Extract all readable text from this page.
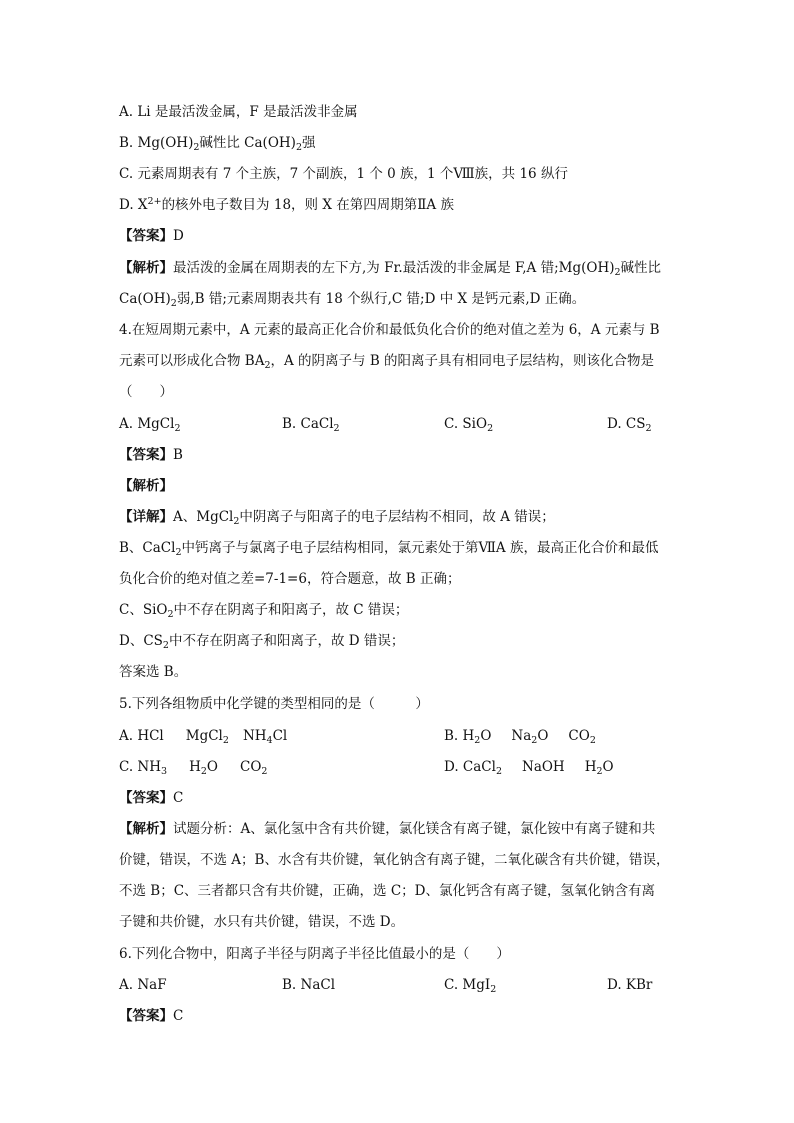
A. Li 是最活泼金属，F 是最活泼非金属
B. $Mg(OH)_2$碱性比 $Ca(OH)_2$强
C. 元素周期表有 7 个主族，7 个副族，1 个 0 族，1 个Ⅷ族，共 16 纵行
D. $X^{2+}$的核外电子数目为 18，则 X 在第四周期第ⅡA 族
【答案】D
【解析】最活泼的金属在周期表的左下方,为 Fr.最活泼的非金属是 F,A 错$;Mg(OH)_2$碱性比
$Ca(OH)_2$弱,B 错;元素周期表共有 18 个纵行,C 错;D 中 X 是钙元素,D 正确。
4.在短周期元素中，A 元素的最高正化合价和最低负化合价的绝对值之差为 6，A 元素与 B
元素可以形成化合物 $BA_2$，A 的阴离子与 B 的阳离子具有相同电子层结构，则该化合物是
（　　）
A. MgCl$_2$	B. CaCl$_2$	C. SiO$_2$	D. $CS_2$
【答案】B
【解析】
【详解】A、MgCl$_2$中阴离子与阳离子的电子层结构不相同，故 A 错误；
B、CaCl$_2$中钙离子与氯离子电子层结构相同，氯元素处于第ⅦA 族，最高正化合价和最低
负化合价的绝对值之差=7-1=6，符合题意，故 B 正确；
C、SiO$_2$中不存在阴离子和阳离子，故 C 错误；
D、$CS_2$中不存在阴离子和阳离子，故 D 错误；
答案选 B。
5.下列各组物质中化学键的类型相同的是（　　　）
A. HCl MgCl$_2$ $NH_4Cl$	B. $H_2O$ $Na_2O$ $CO_2$
C. $NH_3$ $H_2O$ $CO_2$	D. CaCl$_2$ NaOH $H_2O$
【答案】C
【解析】试题分析：A、氯化氢中含有共价键，氯化镁含有离子键，氯化铵中有离子键和共
价键，错误，不选 A；B、水含有共价键，氧化钠含有离子键，二氧化碳含有共价键，错误，
不选 B；C、三者都只含有共价键，正确，选 C；D、氯化钙含有离子键，氢氧化钠含有离
子键和共价键，水只有共价键，错误，不选 D。
6.下列化合物中，阳离子半径与阴离子半径比值最小的是（　　）
A. NaF	B. NaCl	C. MgI$_2$	D. KBr
【答案】C
